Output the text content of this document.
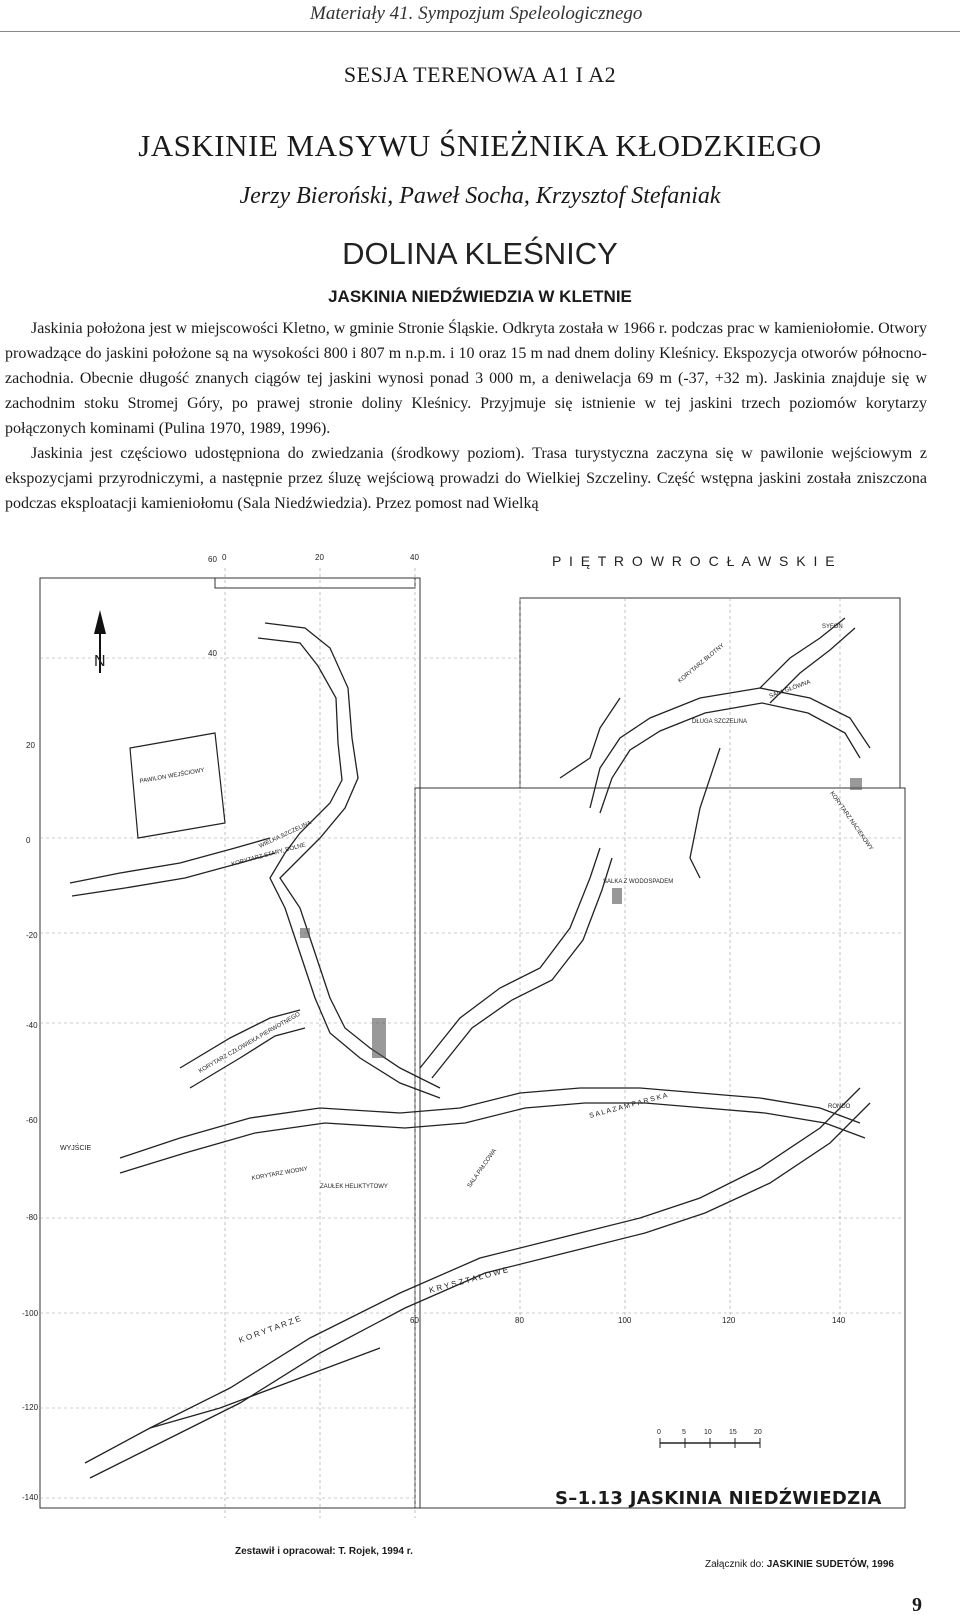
Materiały 41. Sympozjum Speleologicznego
SESJA TERENOWA A1 I A2
JASKINIE MASYWU ŚNIEŻNIKA KŁODZKIEGO
Jerzy Bieroński, Paweł Socha, Krzysztof Stefaniak
DOLINA KLEŚNICY
JASKINIA NIEDŹWIEDZIA W KLETNIE

Jaskinia położona jest w miejscowości Kletno, w gminie Stronie Śląskie. Odkryta została w 1966 r. podczas prac w kamieniołomie. Otwory prowadzące do jaskini położone są na wysokości 800 i 807 m n.p.m. i 10 oraz 15 m nad dnem doliny Kleśnicy. Ekspozycja otworów północno-zachodnia. Obecnie długość znanych ciągów tej jaskini wynosi ponad 3 000 m, a deniwelacja 69 m (-37, +32 m). Jaskinia znajduje się w zachodnim stoku Stromej Góry, po prawej stronie doliny Kleśnicy. Przyjmuje się istnienie w tej jaskini trzech poziomów korytarzy połączonych kominami (Pulina 1970, 1989, 1996).

Jaskinia jest częściowo udostępniona do zwiedzania (środkowy poziom). Trasa turystyczna zaczyna się w pawilonie wejściowym z ekspozycjami przyrodniczymi, a następnie przez śluzę wejściową prowadzi do Wielkiej Szczeliny. Część wstępna jaskini została zniszczona podczas eksploatacji kamieniołomu (Sala Niedźwiedzia). Przez pomost nad Wielką

N
P I Ę T R O W R O C Ł A W S K I E
PAWILON WEJŚCIOWY
KORYTARZ STARY, DOLNE
WIELKA SZCZELINA
KORYTARZ CZŁOWIEKA PIERWOTNEGO
WYJŚCIE
KORYTARZ WODNY
ZAUŁEK HELIKTYTOWY	SALA PAŁCOWA
S A L A Z A M P A R S K A
K R Y S Z T A Ł O W E
K O R Y T A R Z E
DŁUGA SZCZELINA
SALA GŁÓWNA
KORYTARZ BŁOTNY
SYFON
SALKA Z WODOSPADEM
RONDO
KORYTARZ NACIEKOWY
0	20	40
60	80	100	120	140
60
40
20
0
-20
-40
-60
-80
-100
-120
-140
0	5	10 15 20
S–1.13 JASKINIA NIEDŹWIEDZIA
Zestawił i opracował: T. Rojek, 1994 r.
Załącznik do: JASKINIE SUDETÓW, 1996
9
